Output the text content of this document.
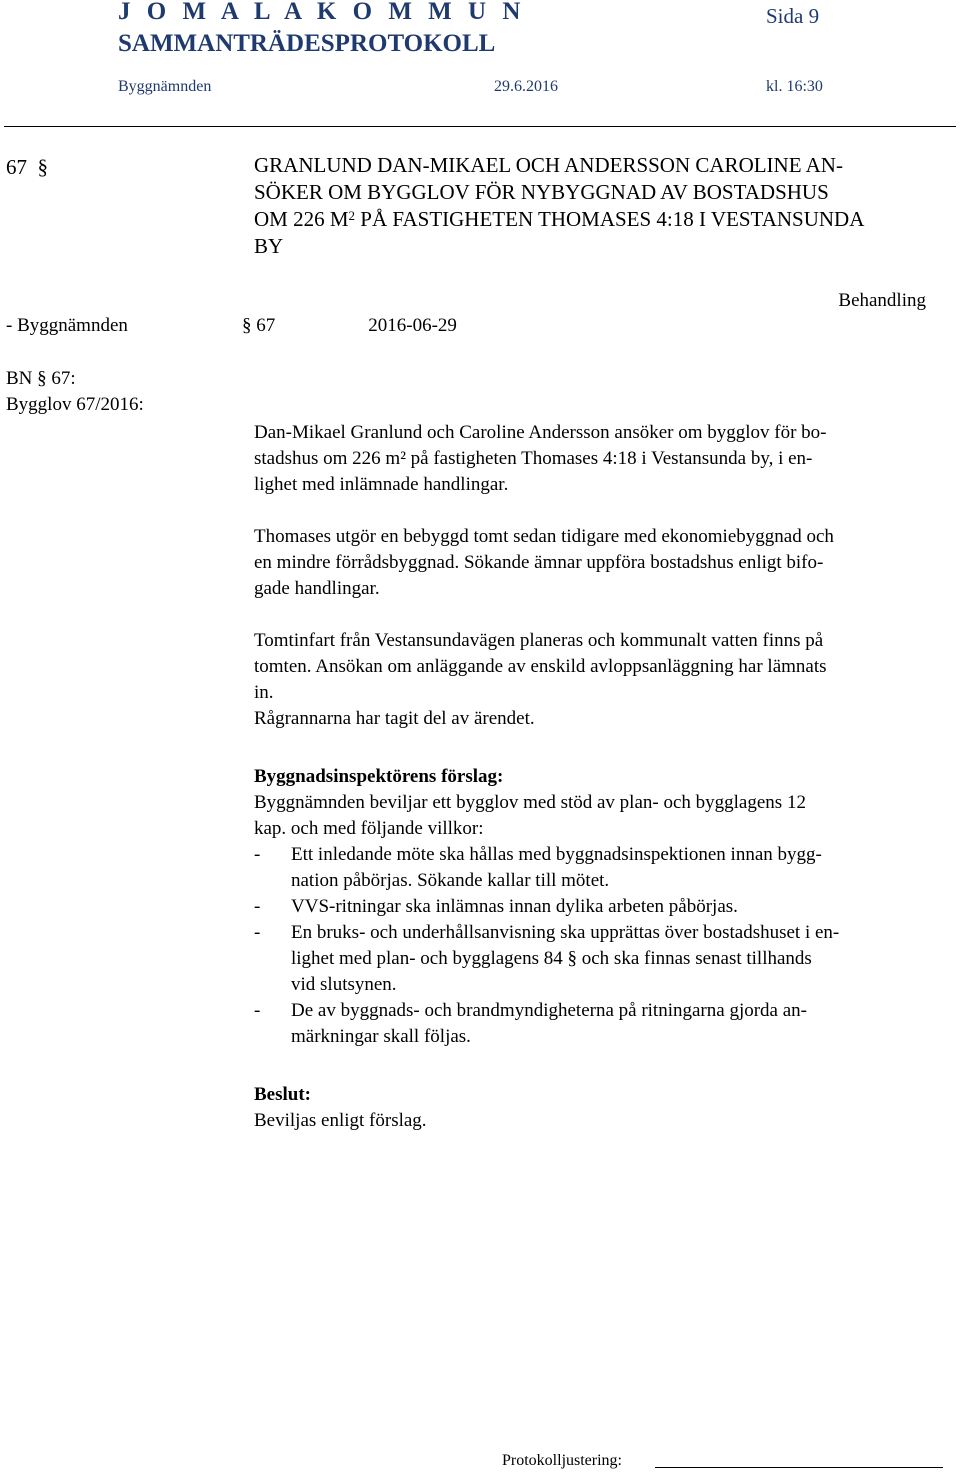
J O M A L A K O M M U N
SAMMANTRÄDESPROTOKOLL
Sida 9
Byggnämnden	29.6.2016	kl. 16:30
67 §	GRANLUND DAN-MIKAEL OCH ANDERSSON CAROLINE AN-
SÖKER OM BYGGLOV FÖR NYBYGGNAD AV BOSTADSHUS
OM 226 $M^2$ PÅ FASTIGHETEN THOMASES 4:18 I VESTANSUNDA
BY
Behandling
- Byggnämnden	§ 67	2016-06-29
BN § 67:
Bygglov 67/2016:

Dan-Mikael Granlund och Caroline Andersson ansöker om bygglov för bo-
stadshus om 226 m² på fastigheten Thomases 4:18 i Vestansunda by, i en-
lighet med inlämnade handlingar.

Thomases utgör en bebyggd tomt sedan tidigare med ekonomiebyggnad och
en mindre förrådsbyggnad. Sökande ämnar uppföra bostadshus enligt bifo-
gade handlingar.

Tomtinfart från Vestansundavägen planeras och kommunalt vatten finns på
tomten. Ansökan om anläggande av enskild avloppsanläggning har lämnats
in.

Rågrannarna har tagit del av ärendet.

Byggnadsinspektörens förslag:

Byggnämnden beviljar ett bygglov med stöd av plan- och bygglagens 12
kap. och med följande villkor:

-	Ett inledande möte ska hållas med byggnadsinspektionen innan bygg-
nation påbörjas. Sökande kallar till mötet.
-	VVS-ritningar ska inlämnas innan dylika arbeten påbörjas.
-	En bruks- och underhållsanvisning ska upprättas över bostadshuset i en-
lighet med plan- och bygglagens 84 § och ska finnas senast tillhands
vid slutsynen.
-	De av byggnads- och brandmyndigheterna på ritningarna gjorda an-
märkningar skall följas.

Beslut:

Beviljas enligt förslag.

Protokolljustering:
